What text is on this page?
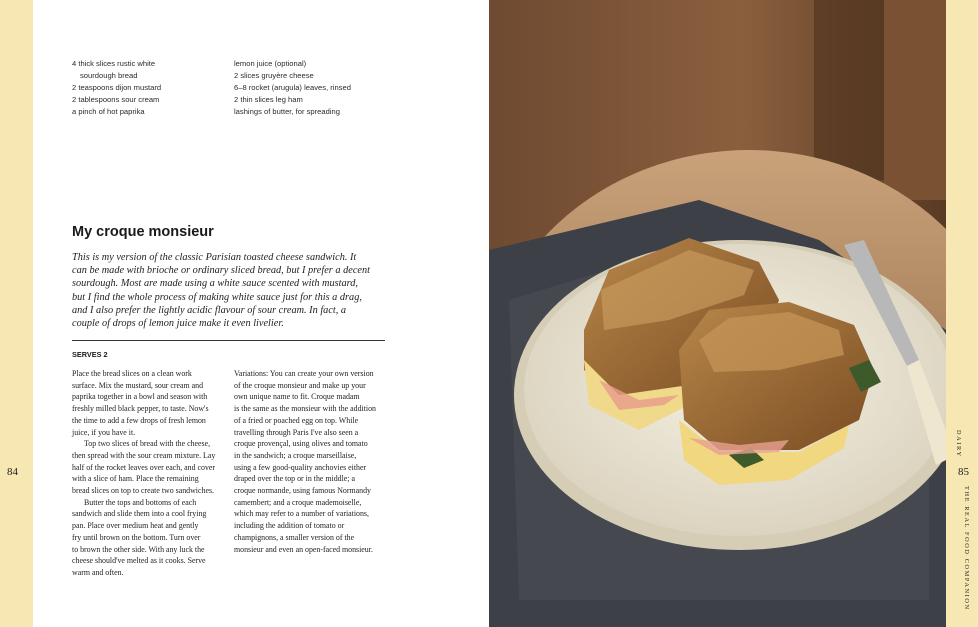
4 thick slices rustic white
sourdough bread
2 teaspoons dijon mustard
2 tablespoons sour cream
a pinch of hot paprika
lemon juice (optional)
2 slices gruyère cheese
6–8 rocket (arugula) leaves, rinsed
2 thin slices leg ham
lashings of butter, for spreading
My croque monsieur
This is my version of the classic Parisian toasted cheese sandwich. It
can be made with brioche or ordinary sliced bread, but I prefer a decent
sourdough. Most are made using a white sauce scented with mustard,
but I find the whole process of making white sauce just for this a drag,
and I also prefer the lightly acidic flavour of sour cream. In fact, a
couple of drops of lemon juice make it even livelier.
SERVES 2
Place the bread slices on a clean work
surface. Mix the mustard, sour cream and
paprika together in a bowl and season with
freshly milled black pepper, to taste. Now's
the time to add a few drops of fresh lemon
juice, if you have it.
Top two slices of bread with the cheese,
then spread with the sour cream mixture. Lay
half of the rocket leaves over each, and cover
with a slice of ham. Place the remaining
bread slices on top to create two sandwiches.
Butter the tops and bottoms of each
sandwich and slide them into a cool frying
pan. Place over medium heat and gently
fry until brown on the bottom. Turn over
to brown the other side. With any luck the
cheese should've melted as it cooks. Serve
warm and often.
Variations: You can create your own version
of the croque monsieur and make up your
own unique name to fit. Croque madam
is the same as the monsieur with the addition
of a fried or poached egg on top. While
travelling through Paris I've also seen a
croque provençal, using olives and tomato
in the sandwich; a croque marseillaise,
using a few good-quality anchovies either
draped over the top or in the middle; a
croque normande, using famous Normandy
camembert; and a croque mademoiselle,
which may refer to a number of variations,
including the addition of tomato or
champignons, a smaller version of the
monsieur and even an open-faced monsieur.
84	85
DAIRY
THE REAL FOOD COMPANION
